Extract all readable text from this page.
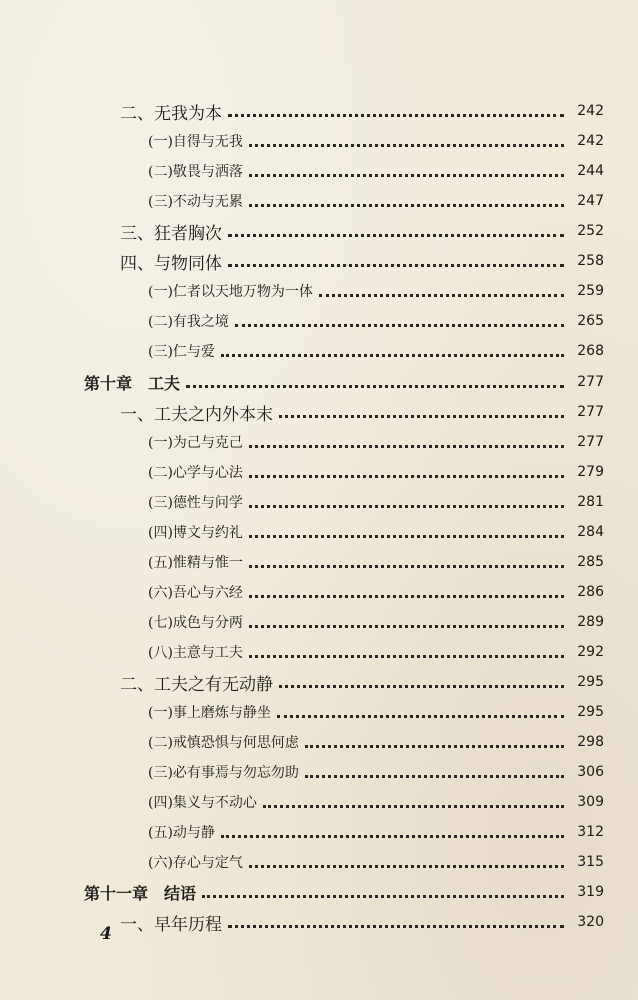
二、无我为本	242
(一)自得与无我	242
(二)敬畏与洒落	244
(三)不动与无累	247
三、狂者胸次	252
四、与物同体	258
(一)仁者以天地万物为一体	259
(二)有我之境	265
(三)仁与爱	268
第十章　工夫	277
一、工夫之内外本末	277
(一)为己与克己	277
(二)心学与心法	279
(三)德性与问学	281
(四)博文与约礼	284
(五)惟精与惟一	285
(六)吾心与六经	286
(七)成色与分两	289
(八)主意与工夫	292
二、工夫之有无动静	295
(一)事上磨炼与静坐	295
(二)戒慎恐惧与何思何虑	298
(三)必有事焉与勿忘勿助	306
(四)集义与不动心	309
(五)动与静	312
(六)存心与定气	315
第十一章　结语	319
一、早年历程	320
4
